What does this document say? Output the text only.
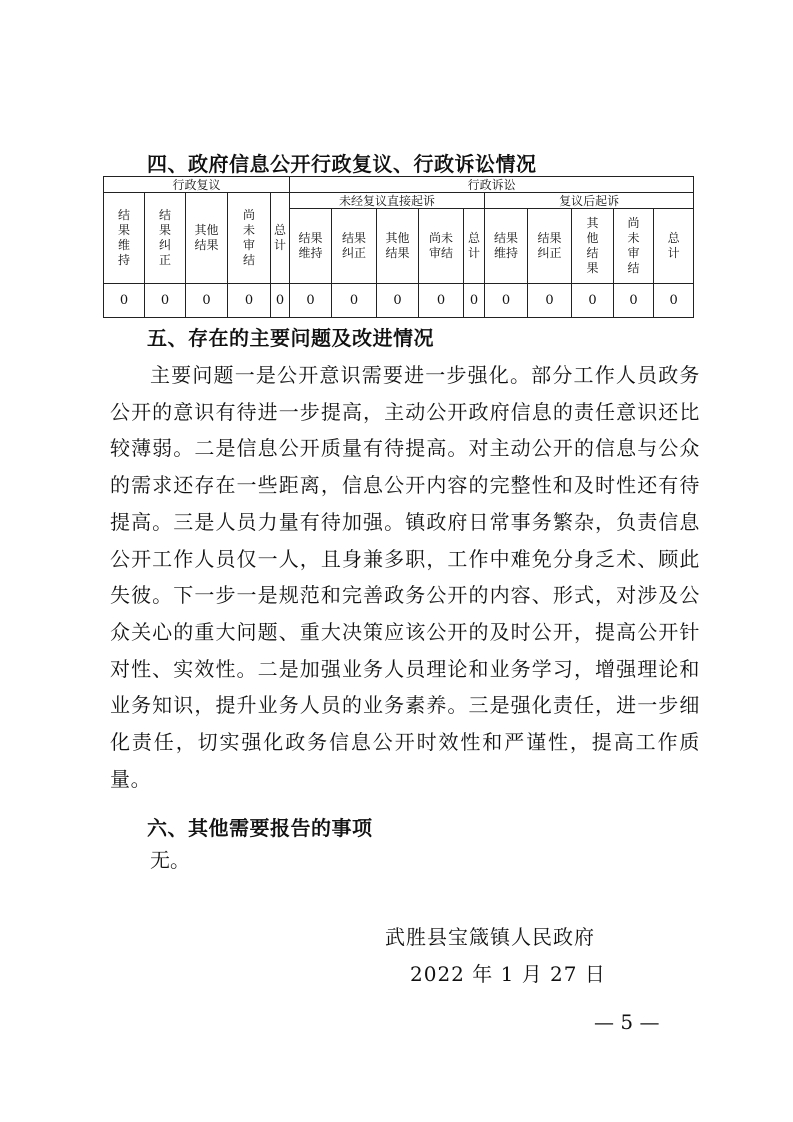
四、政府信息公开行政复议、行政诉讼情况
行政复议					行政诉讼									
结果维持	结果纠正	其他结果	尚未审结	总计	未经复议直接起诉					复议后起诉				
					结果维持	结果纠正	其他结果	尚未审结	总计	结果维持	结果纠正	其他结果	尚未审结	总计
0	0	0	0	0	0	0	0	0	0	0	0	0	0	0
五、存在的主要问题及改进情况

主要问题一是公开意识需要进一步强化。部分工作人员政务公开的意识有待进一步提高，主动公开政府信息的责任意识还比较薄弱。二是信息公开质量有待提高。对主动公开的信息与公众的需求还存在一些距离，信息公开内容的完整性和及时性还有待提高。三是人员力量有待加强。镇政府日常事务繁杂，负责信息公开工作人员仅一人，且身兼多职，工作中难免分身乏术、顾此失彼。下一步一是规范和完善政务公开的内容、形式，对涉及公众关心的重大问题、重大决策应该公开的及时公开，提高公开针对性、实效性。二是加强业务人员理论和业务学习，增强理论和业务知识，提升业务人员的业务素养。三是强化责任，进一步细化责任，切实强化政务信息公开时效性和严谨性，提高工作质量。

六、其他需要报告的事项

无。

武胜县宝箴镇人民政府
2022 年 1 月 27 日
— 5 —
